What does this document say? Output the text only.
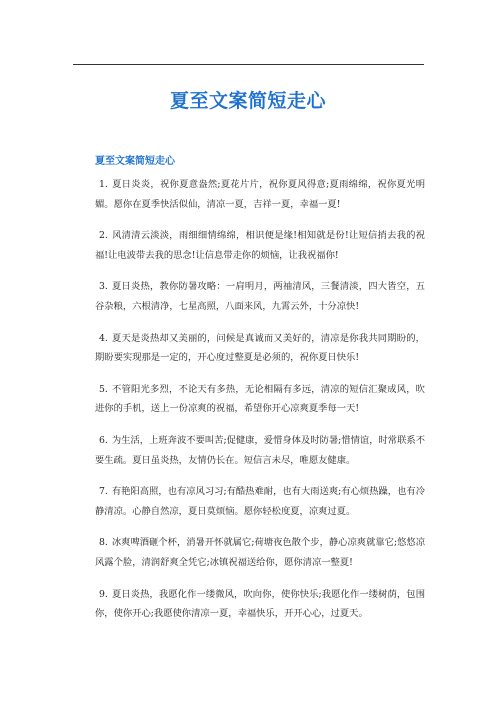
夏至文案简短走心
夏至文案简短走心
1. 夏日炎炎，祝你夏意盎然;夏花片片，祝你夏风得意;夏雨绵绵，祝你夏光明媚。愿你在夏季快活似仙，清凉一夏，吉祥一夏，幸福一夏!
2. 风清清云淡淡，雨细细情绵绵，相识便是缘!相知就是份!让短信捎去我的祝福!让电波带去我的思念!让信息带走你的烦恼，让我祝福你!
3. 夏日炎热，教你防暑攻略：一肩明月，两袖清风，三餐清淡，四大皆空，五谷杂粮，六根清净，七星高照，八面来风，九霄云外，十分凉快!
4. 夏天是炎热却又美丽的，问候是真诚而又美好的，清凉是你我共同期盼的，期盼要实现那是一定的，开心度过整夏是必须的，祝你夏日快乐!
5. 不管阳光多烈，不论天有多热，无论相隔有多远，清凉的短信汇聚成风，吹进你的手机，送上一份凉爽的祝福，希望你开心凉爽夏季每一天!
6. 为生活，上班奔波不要叫苦;促健康，爱惜身体及时防暑;惜情谊，时常联系不要生疏。夏日虽炎热，友情仍长在。短信言未尽，唯愿友健康。
7. 有艳阳高照，也有凉风习习;有酷热难耐，也有大雨送爽;有心烦热躁，也有冷静清凉。心静自然凉，夏日莫烦恼。愿你轻松度夏，凉爽过夏。
8. 冰爽啤酒砸个杯，消暑开怀就属它;荷塘夜色散个步，静心凉爽就靠它;悠悠凉风露个脸，清润舒爽全凭它;冰镇祝福送给你，愿你清凉一整夏!
9. 夏日炎热，我愿化作一缕微风，吹向你，使你快乐;我愿化作一缕树荫，包围你，使你开心;我愿使你清凉一夏，幸福快乐，开开心心，过夏天。
